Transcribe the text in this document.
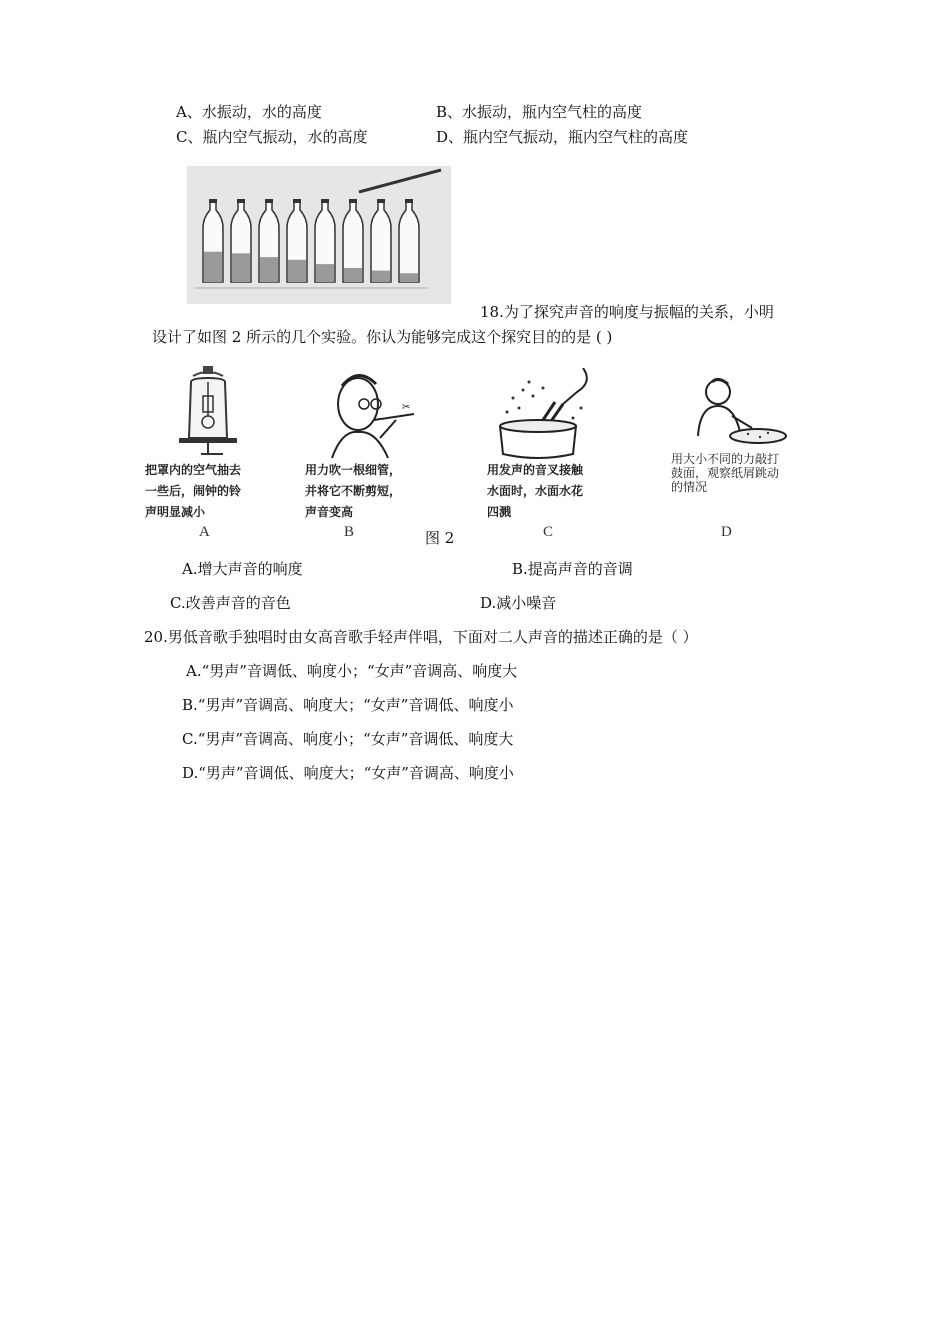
A、水振动，水的高度	B、水振动，瓶内空气柱的高度
C、瓶内空气振动，水的高度	D、瓶内空气振动，瓶内空气柱的高度
18.为了探究声音的响度与振幅的关系，小明
设计了如图 2 所示的几个实验。你认为能够完成这个探究目的的是 ( )
把罩内的空气抽去
一些后，闹钟的铃
声明显减小
A
✂
用力吹一根细管，
并将它不断剪短，
声音变高
B
用发声的音叉接触
水面时，水面水花
四溅
C
用大小不同的力敲打
鼓面，观察纸屑跳动
的情况
D
图 2
A.增大声音的响度	B.提高声音的音调
C.改善声音的音色	D.减小噪音
20.男低音歌手独唱时由女高音歌手轻声伴唱，下面对二人声音的描述正确的是（ ）
A.“男声”音调低、响度小；“女声”音调高、响度大
B.“男声”音调高、响度大；“女声”音调低、响度小
C.“男声”音调高、响度小；“女声”音调低、响度大
D.“男声”音调低、响度大；“女声”音调高、响度小
